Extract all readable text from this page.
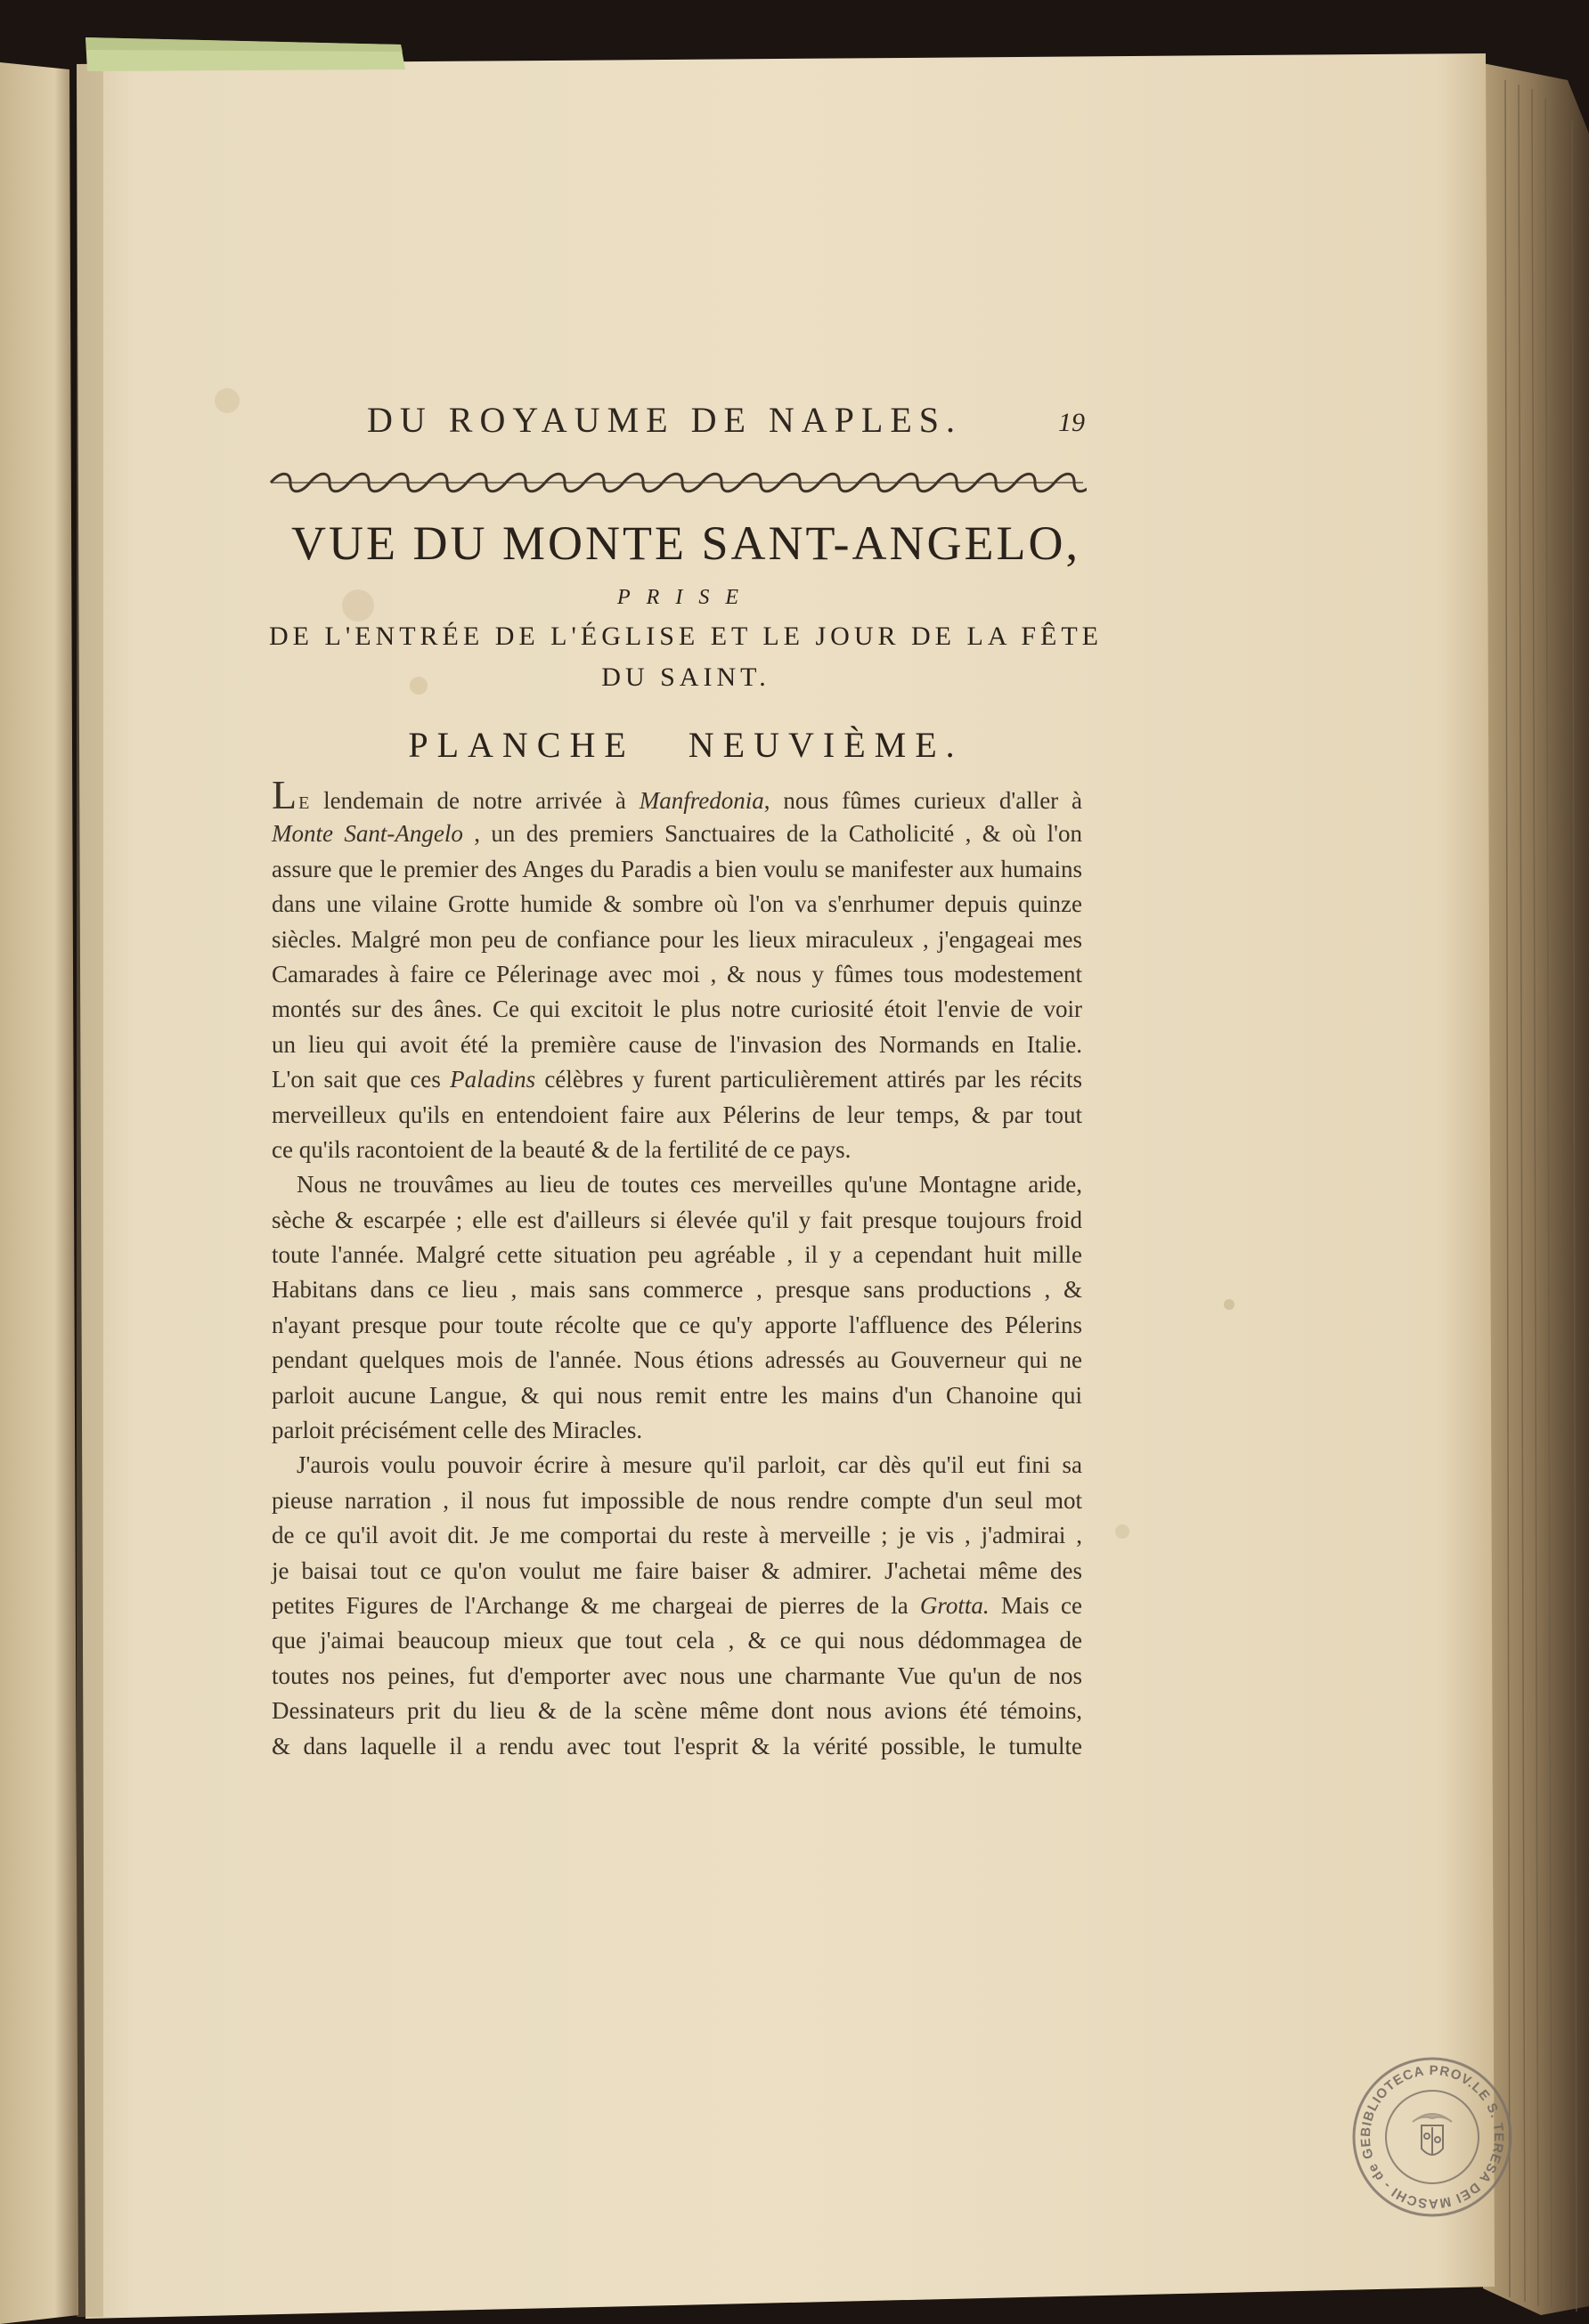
DU ROYAUME DE NAPLES.	19
VUE DU MONTE SANT-ANGELO,
PRISE
DE L'ENTRÉE DE L'ÉGLISE ET LE JOUR DE LA FÊTE
DU SAINT.
PLANCHE NEUVIÈME.
LE lendemain de notre arrivée à Manfredonia, nous fûmes curieux d'aller à
Monte Sant-Angelo , un des premiers Sanctuaires de la Catholicité , & où l'on
assure que le premier des Anges du Paradis a bien voulu se manifester aux humains
dans une vilaine Grotte humide & sombre où l'on va s'enrhumer depuis quinze
siècles. Malgré mon peu de confiance pour les lieux miraculeux , j'engageai mes
Camarades à faire ce Pélerinage avec moi , & nous y fûmes tous modestement
montés sur des ânes. Ce qui excitoit le plus notre curiosité étoit l'envie de voir
un lieu qui avoit été la première cause de l'invasion des Normands en Italie.
L'on sait que ces Paladins célèbres y furent particulièrement attirés par les récits
merveilleux qu'ils en entendoient faire aux Pélerins de leur temps, & par tout
ce qu'ils racontoient de la beauté & de la fertilité de ce pays.
Nous ne trouvâmes au lieu de toutes ces merveilles qu'une Montagne aride,
sèche & escarpée ; elle est d'ailleurs si élevée qu'il y fait presque toujours froid
toute l'année. Malgré cette situation peu agréable , il y a cependant huit mille
Habitans dans ce lieu , mais sans commerce , presque sans productions , &
n'ayant presque pour toute récolte que ce qu'y apporte l'affluence des Pélerins
pendant quelques mois de l'année. Nous étions adressés au Gouverneur qui ne
parloit aucune Langue, & qui nous remit entre les mains d'un Chanoine qui
parloit précisément celle des Miracles.
J'aurois voulu pouvoir écrire à mesure qu'il parloit, car dès qu'il eut fini sa
pieuse narration , il nous fut impossible de nous rendre compte d'un seul mot
de ce qu'il avoit dit. Je me comportai du reste à merveille ; je vis , j'admirai ,
je baisai tout ce qu'on voulut me faire baiser & admirer. J'achetai même des
petites Figures de l'Archange & me chargeai de pierres de la Grotta. Mais ce
que j'aimai beaucoup mieux que tout cela , & ce qui nous dédommagea de
toutes nos peines, fut d'emporter avec nous une charmante Vue qu'un de nos
Dessinateurs prit du lieu & de la scène même dont nous avions été témoins,
& dans laquelle il a rendu avec tout l'esprit & la vérité possible, le tumulte
BIBLIOTECA PROV.LE S. TERESA DEI MASCHI - de GE
